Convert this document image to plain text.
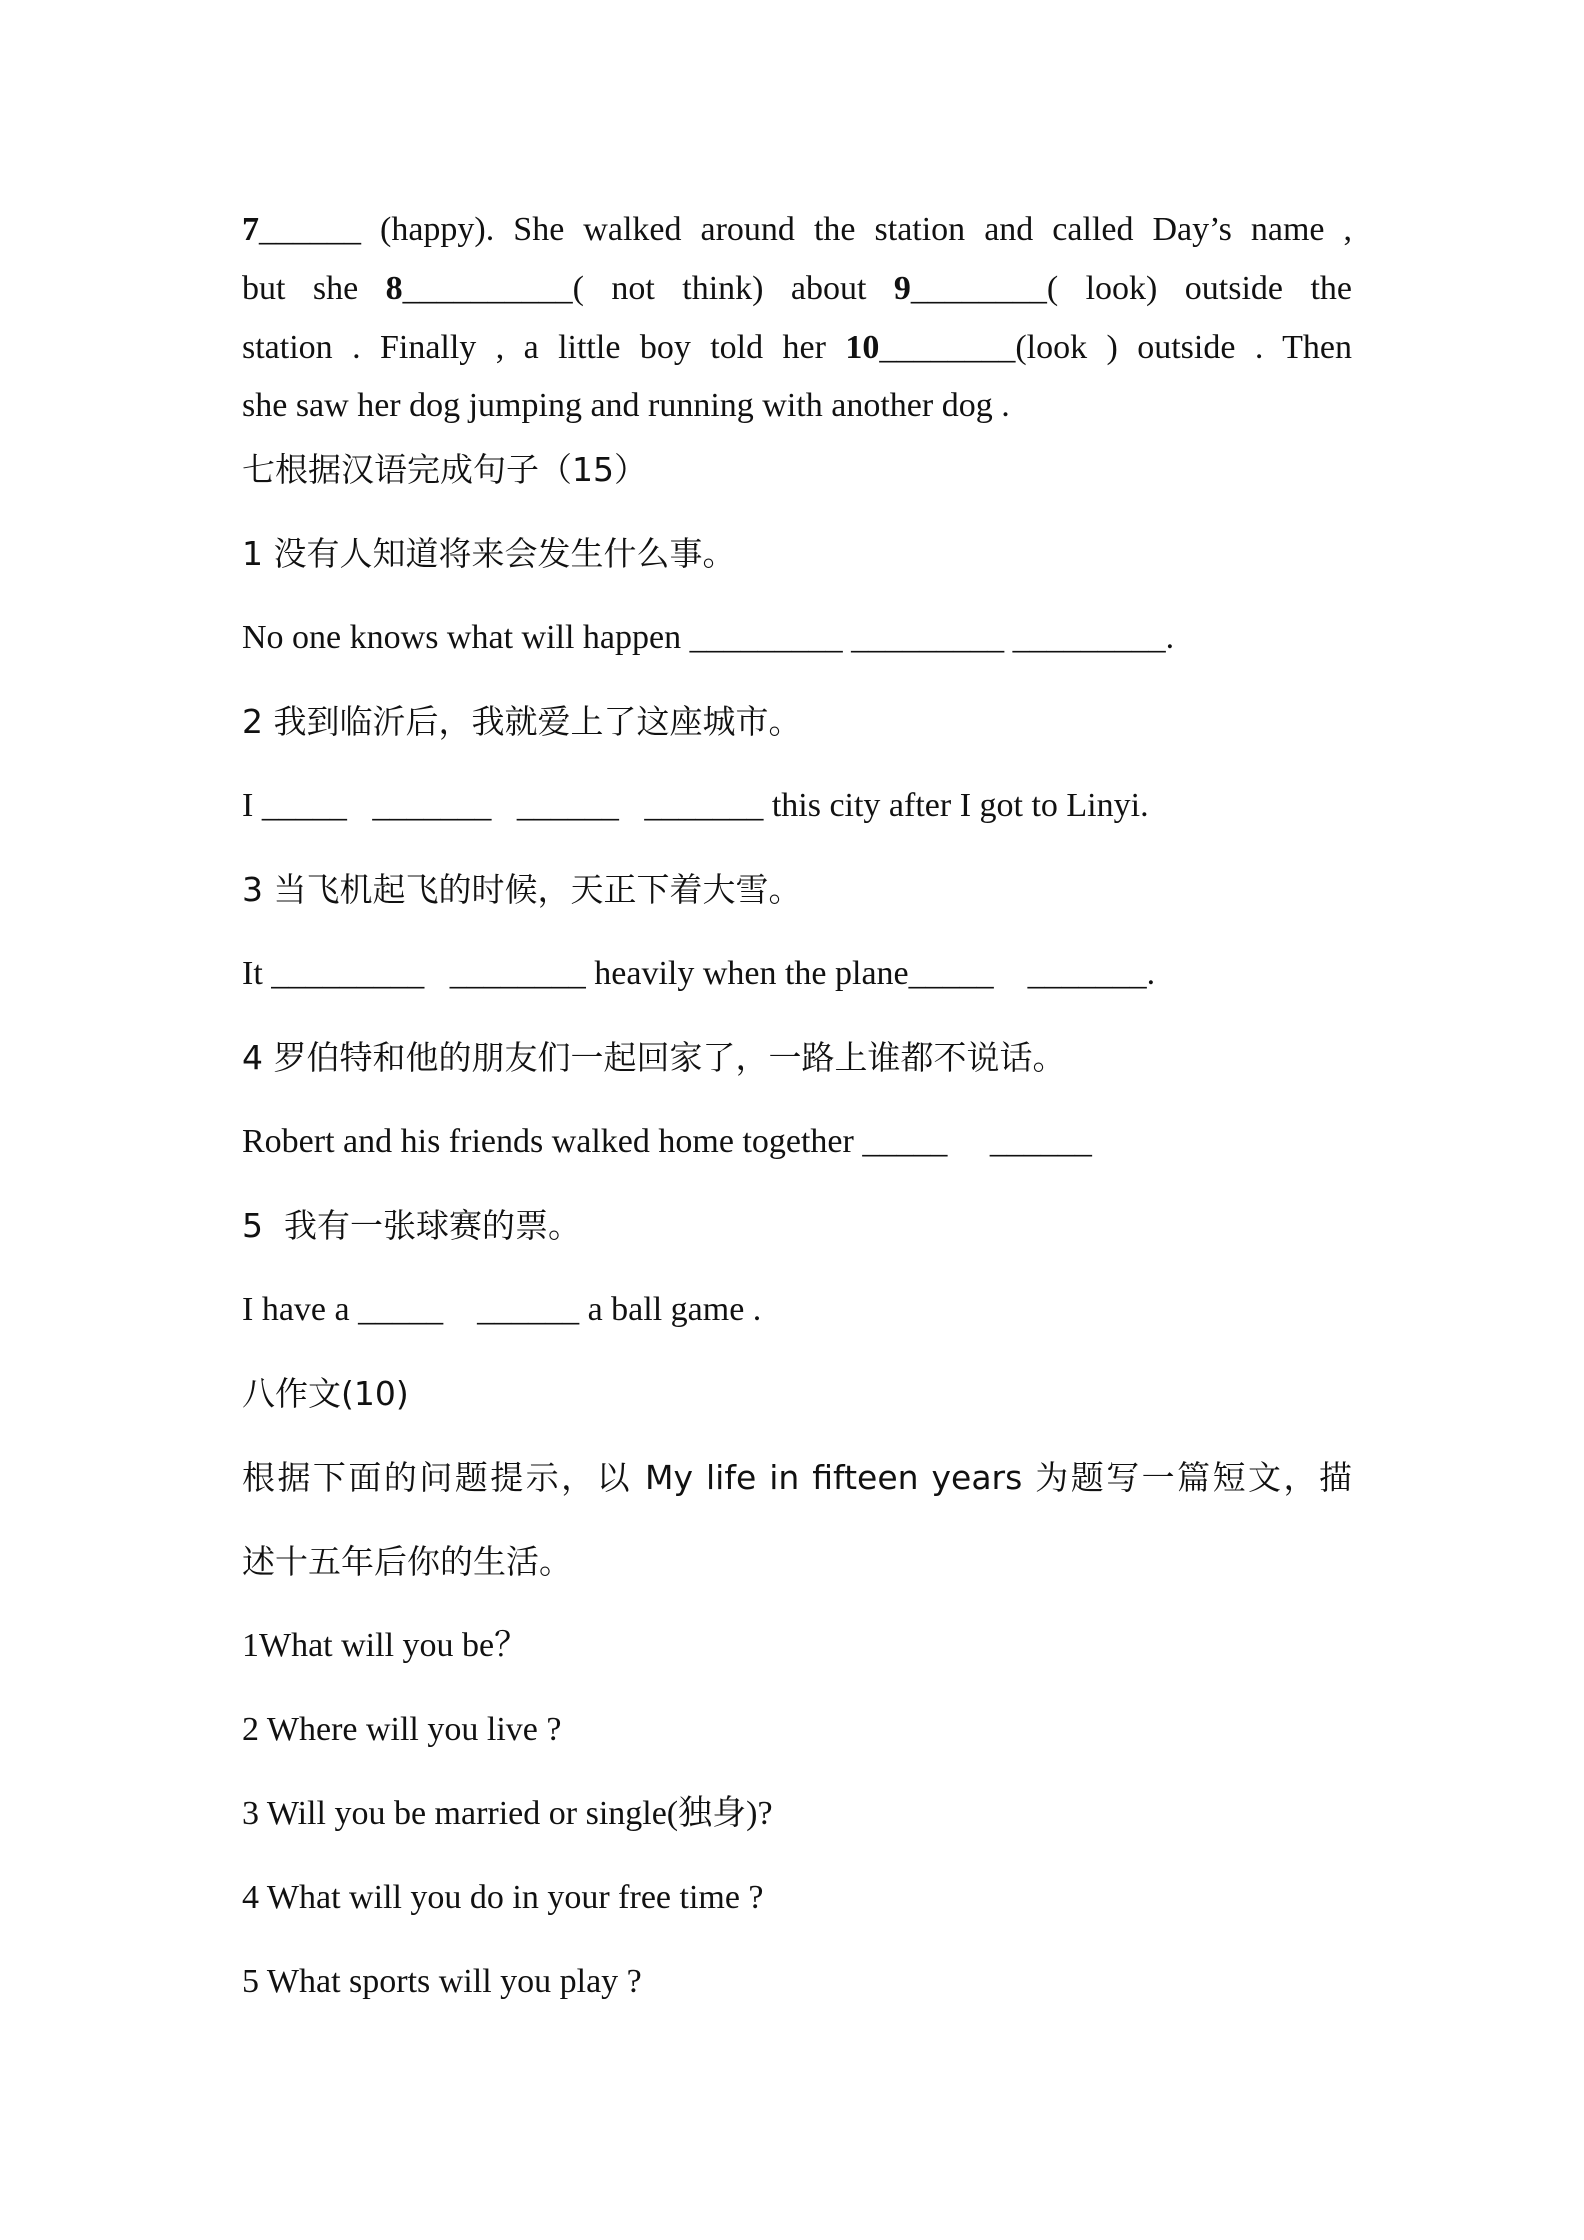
7______ (happy). She walked around the station and called Day’s name ,
but she 8__________( not think) about 9________( look) outside the
station . Finally , a little boy told her 10________(look ) outside . Then
she saw her dog jumping and running with another dog .
七根据汉语完成句子（15）
1 没有人知道将来会发生什么事。
No one knows what will happen _________ _________ _________.
2 我到临沂后，我就爱上了这座城市。
I _____   _______   ______   _______ this city after I got to Linyi.
3 当飞机起飞的时候，天正下着大雪。
It _________   ________ heavily when the plane_____    _______.
4 罗伯特和他的朋友们一起回家了，一路上谁都不说话。
Robert and his friends walked home together _____     ______
5  我有一张球赛的票。
I have a _____    ______ a ball game .
八作文(10)
根据下面的问题提示，以 My life in fifteen years 为题写一篇短文，描
述十五年后你的生活。
1What will you be？
2 Where will you live ?
3 Will you be married or single(独身)?
4 What will you do in your free time ?
5 What sports will you play ?
